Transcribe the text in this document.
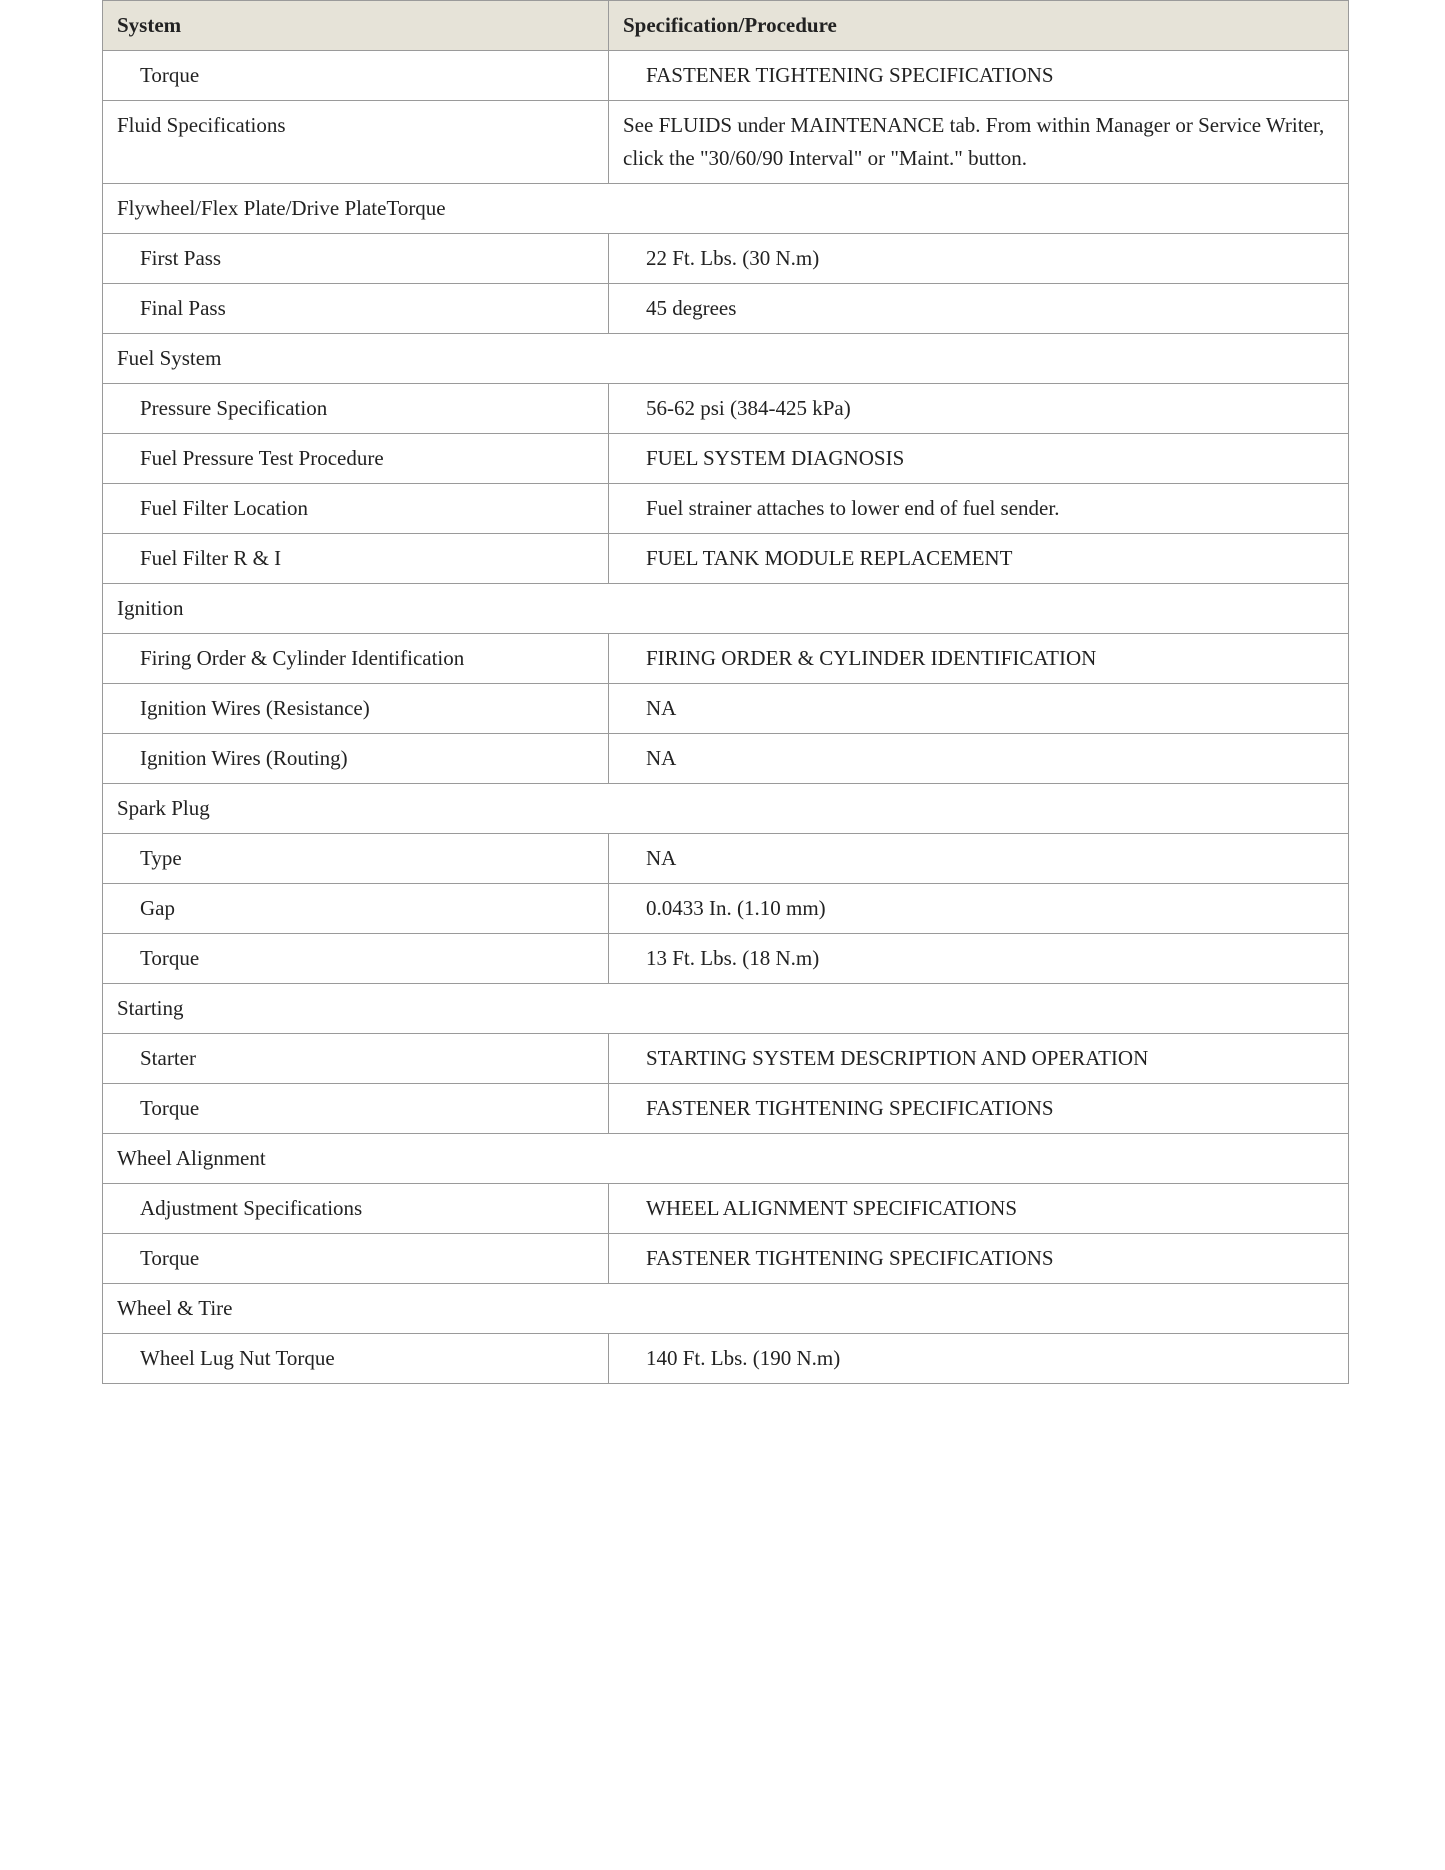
System	Specification/Procedure
Torque	FASTENER TIGHTENING SPECIFICATIONS
Fluid Specifications	See FLUIDS under MAINTENANCE tab. From within Manager or Service Writer, click the "30/60/90 Interval" or "Maint." button.
Flywheel/Flex Plate/Drive PlateTorque	
First Pass	22 Ft. Lbs. (30 N.m)
Final Pass	45 degrees
Fuel System	
Pressure Specification	56-62 psi (384-425 kPa)
Fuel Pressure Test Procedure	FUEL SYSTEM DIAGNOSIS
Fuel Filter Location	Fuel strainer attaches to lower end of fuel sender.
Fuel Filter R & I	FUEL TANK MODULE REPLACEMENT
Ignition	
Firing Order & Cylinder Identification	FIRING ORDER & CYLINDER IDENTIFICATION
Ignition Wires (Resistance)	NA
Ignition Wires (Routing)	NA
Spark Plug	
Type	NA
Gap	0.0433 In. (1.10 mm)
Torque	13 Ft. Lbs. (18 N.m)
Starting	
Starter	STARTING SYSTEM DESCRIPTION AND OPERATION
Torque	FASTENER TIGHTENING SPECIFICATIONS
Wheel Alignment	
Adjustment Specifications	WHEEL ALIGNMENT SPECIFICATIONS
Torque	FASTENER TIGHTENING SPECIFICATIONS
Wheel & Tire	
Wheel Lug Nut Torque	140 Ft. Lbs. (190 N.m)
